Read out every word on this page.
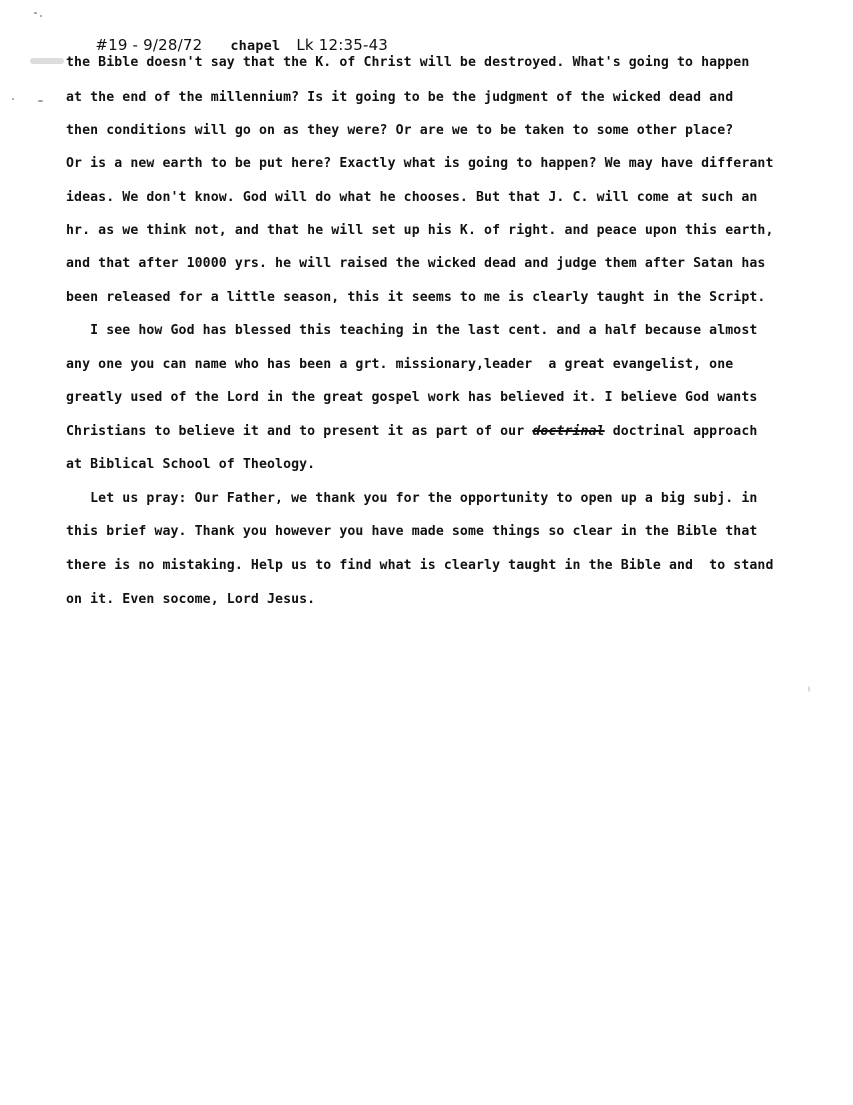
#19 - 9/28/72 chapel Lk 12:35-43

the Bible doesn't say that the K. of Christ will be destroyed. What's going to happen
at the end of the millennium? Is it going to be the judgment of the wicked dead and
then conditions will go on as they were? Or are we to be taken to some other place?
Or is a new earth to be put here? Exactly what is going to happen? We may have differant
ideas. We don't know. God will do what he chooses. But that J. C. will come at such an
hr. as we think not, and that he will set up his K. of right. and peace upon this earth,
and that after 10000 yrs. he will raised the wicked dead and judge them after Satan has
been released for a little season, this it seems to me is clearly taught in the Script.
I see how God has blessed this teaching in the last cent. and a half because almost
any one you can name who has been a grt. missionary,leader  a great evangelist, one
greatly used of the Lord in the great gospel work has believed it. I believe God wants
Christians to believe it and to present it as part of our doctrinal doctrinal approach
at Biblical School of Theology.
Let us pray: Our Father, we thank you for the opportunity to open up a big subj. in
this brief way. Thank you however you have made some things so clear in the Bible that
there is no mistaking. Help us to find what is clearly taught in the Bible and  to stand
on it. Even socome, Lord Jesus.
